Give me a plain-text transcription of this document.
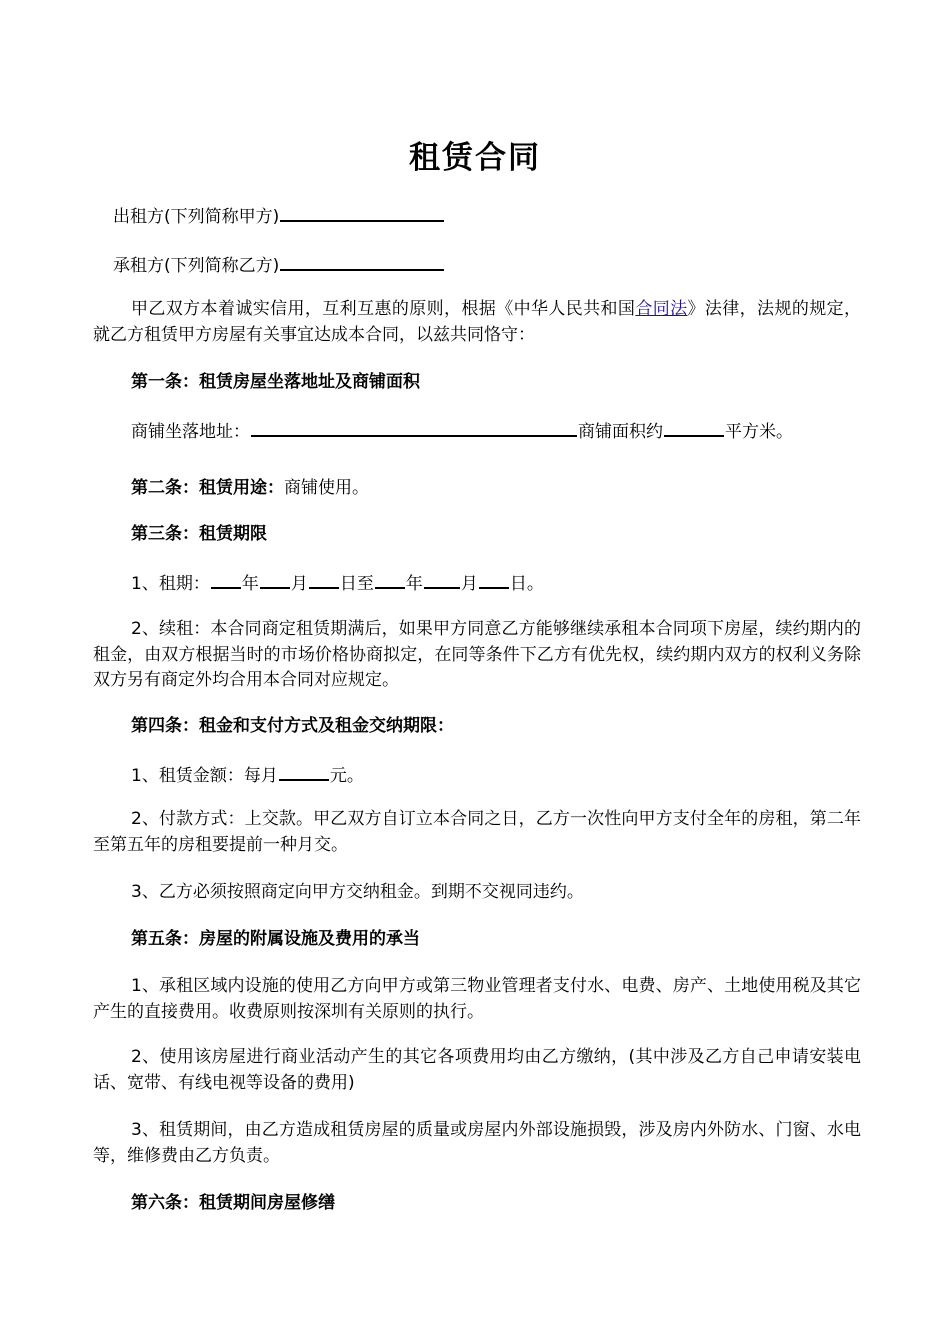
租赁合同
出租方(下列简称甲方)
承租方(下列简称乙方)
甲乙双方本着诚实信用，互利互惠的原则，根据《中华人民共和国合同法》法律，法规的规定，就乙方租赁甲方房屋有关事宜达成本合同，以兹共同恪守：
第一条：租赁房屋坐落地址及商铺面积
商铺坐落地址：	商铺面积约	平方米。
第二条：租赁用途：商铺使用。
第三条：租赁期限
1、租期： 年 月 日至 年 月 日。
2、续租：本合同商定租赁期满后，如果甲方同意乙方能够继续承租本合同项下房屋，续约期内的租金，由双方根据当时的市场价格协商拟定，在同等条件下乙方有优先权，续约期内双方的权利义务除双方另有商定外均合用本合同对应规定。
第四条：租金和支付方式及租金交纳期限：
1、租赁金额：每月	元。
2、付款方式：上交款。甲乙双方自订立本合同之日，乙方一次性向甲方支付全年的房租，第二年至第五年的房租要提前一种月交。
3、乙方必须按照商定向甲方交纳租金。到期不交视同违约。
第五条：房屋的附属设施及费用的承当
1、承租区域内设施的使用乙方向甲方或第三物业管理者支付水、电费、房产、土地使用税及其它产生的直接费用。收费原则按深圳有关原则的执行。
2、使用该房屋进行商业活动产生的其它各项费用均由乙方缴纳，(其中涉及乙方自己申请安装电话、宽带、有线电视等设备的费用)
3、租赁期间，由乙方造成租赁房屋的质量或房屋内外部设施损毁，涉及房内外防水、门窗、水电等，维修费由乙方负责。
第六条：租赁期间房屋修缮
